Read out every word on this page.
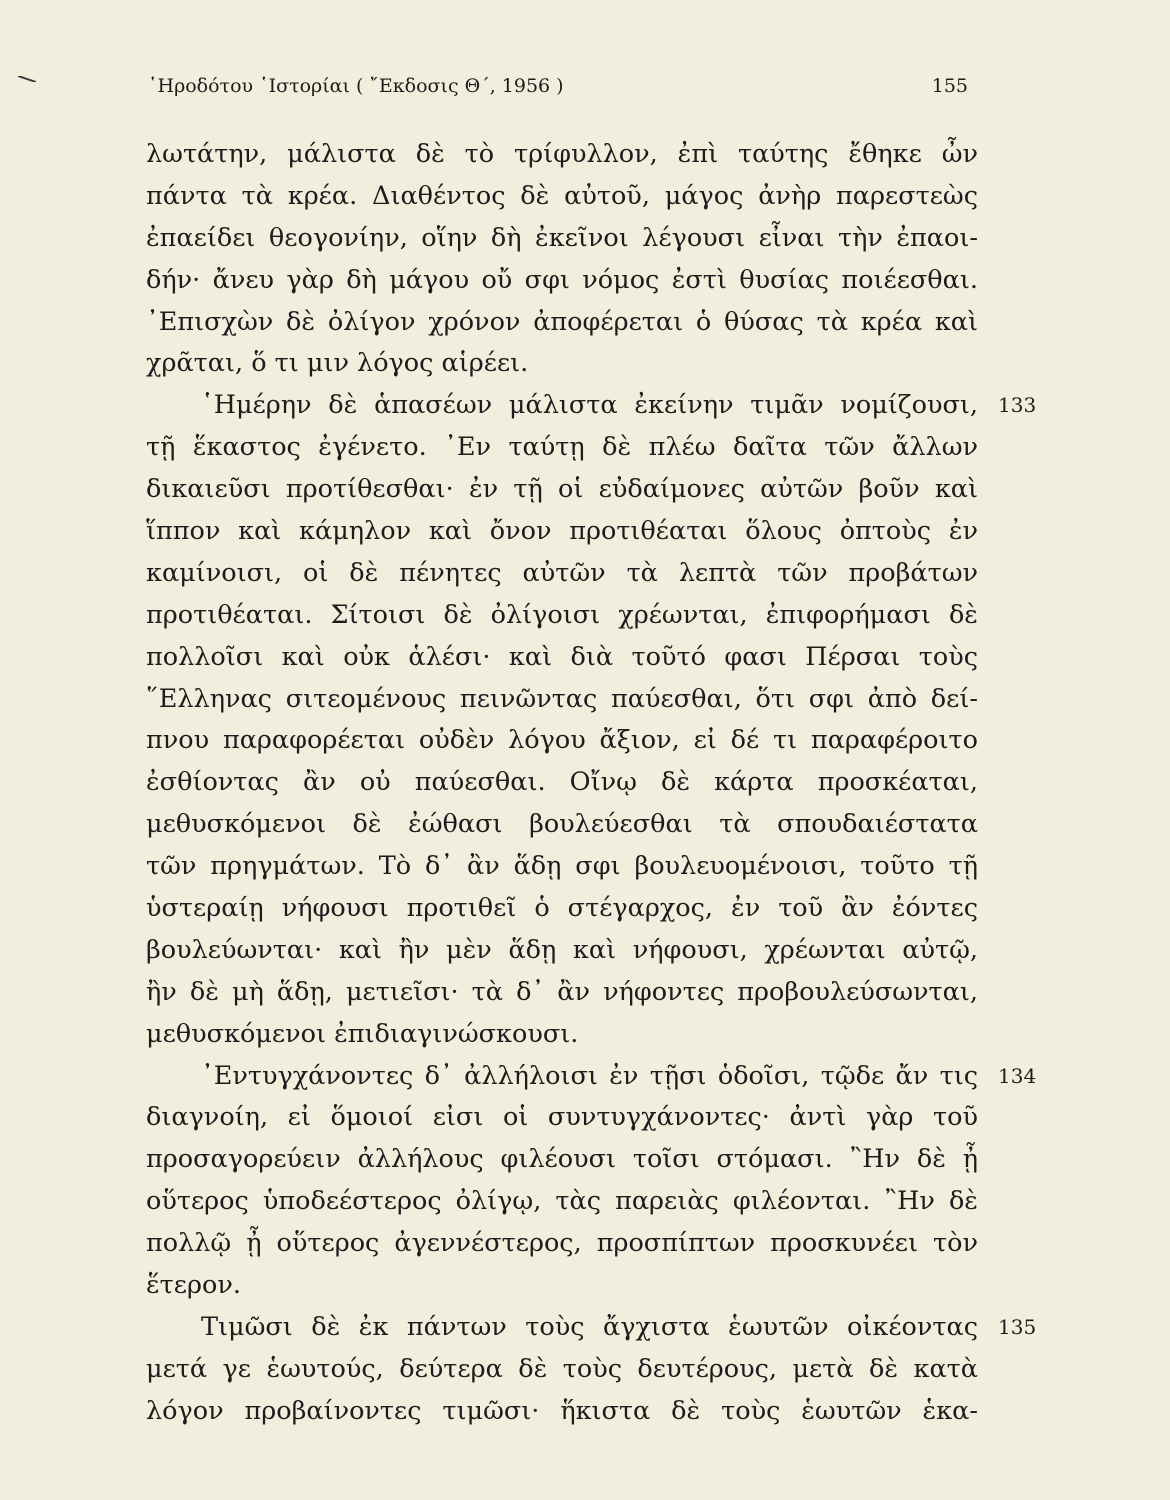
῾Ηροδότου ῾Ιστορίαι ( ῎Εκδοσις Θ΄, 1956 )	155
λωτάτην, μάλιστα δὲ τὸ τρίφυλλον, ἐπὶ ταύτης ἔθηκε ὦν
πάντα τὰ κρέα. Διαθέντος δὲ αὐτοῦ, μάγος ἀνὴρ παρεστεὼς
ἐπαείδει θεογονίην, οἵην δὴ ἐκεῖνοι λέγουσι εἶναι τὴν ἐπαοι-
δήν· ἄνευ γὰρ δὴ μάγου οὔ σφι νόμος ἐστὶ θυσίας ποιέεσθαι.
᾿Επισχὼν δὲ ὀλίγον χρόνον ἀποφέρεται ὁ θύσας τὰ κρέα καὶ
χρᾶται, ὅ τι μιν λόγος αἱρέει.
῾Ημέρην δὲ ἁπασέων μάλιστα ἐκείνην τιμᾶν νομίζουσι, 133
τῇ ἕκαστος ἐγένετο. ᾿Εν ταύτῃ δὲ πλέω δαῖτα τῶν ἄλλων
δικαιεῦσι προτίθεσθαι· ἐν τῇ οἱ εὐδαίμονες αὐτῶν βοῦν καὶ
ἵππον καὶ κάμηλον καὶ ὄνον προτιθέαται ὅλους ὀπτοὺς ἐν
καμίνοισι, οἱ δὲ πένητες αὐτῶν τὰ λεπτὰ τῶν προβάτων
προτιθέαται. Σίτοισι δὲ ὀλίγοισι χρέωνται, ἐπιφορήμασι δὲ
πολλοῖσι καὶ οὐκ ἁλέσι· καὶ διὰ τοῦτό φασι Πέρσαι τοὺς
῞Ελληνας σιτεομένους πεινῶντας παύεσθαι, ὅτι σφι ἀπὸ δεί-
πνου παραφορέεται οὐδὲν λόγου ἄξιον, εἰ δέ τι παραφέροιτο
ἐσθίοντας ἂν οὐ παύεσθαι. Οἴνῳ δὲ κάρτα προσκέαται,
μεθυσκόμενοι δὲ ἐώθασι βουλεύεσθαι τὰ σπουδαιέστατα
τῶν πρηγμάτων. Τὸ δ᾿ ἂν ἅδῃ σφι βουλευομένοισι, τοῦτο τῇ
ὑστεραίῃ νήφουσι προτιθεῖ ὁ στέγαρχος, ἐν τοῦ ἂν ἐόντες
βουλεύωνται· καὶ ἢν μὲν ἅδῃ καὶ νήφουσι, χρέωνται αὐτῷ,
ἢν δὲ μὴ ἅδῃ, μετιεῖσι· τὰ δ᾿ ἂν νήφοντες προβουλεύσωνται,
μεθυσκόμενοι ἐπιδιαγινώσκουσι.
᾿Εντυγχάνοντες δ᾿ ἀλλήλοισι ἐν τῇσι ὁδοῖσι, τῷδε ἄν τις 134
διαγνοίη, εἰ ὅμοιοί εἰσι οἱ συντυγχάνοντες· ἀντὶ γὰρ τοῦ
προσαγορεύειν ἀλλήλους φιλέουσι τοῖσι στόμασι. ῍Ην δὲ ᾖ
οὕτερος ὑποδεέστερος ὀλίγῳ, τὰς παρειὰς φιλέονται. ῍Ην δὲ
πολλῷ ᾖ οὕτερος ἀγεννέστερος, προσπίπτων προσκυνέει τὸν
ἕτερον.
Τιμῶσι δὲ ἐκ πάντων τοὺς ἄγχιστα ἑωυτῶν οἰκέοντας 135
μετά γε ἑωυτούς, δεύτερα δὲ τοὺς δευτέρους, μετὰ δὲ κατὰ
λόγον προβαίνοντες τιμῶσι· ἥκιστα δὲ τοὺς ἑωυτῶν ἑκα-
